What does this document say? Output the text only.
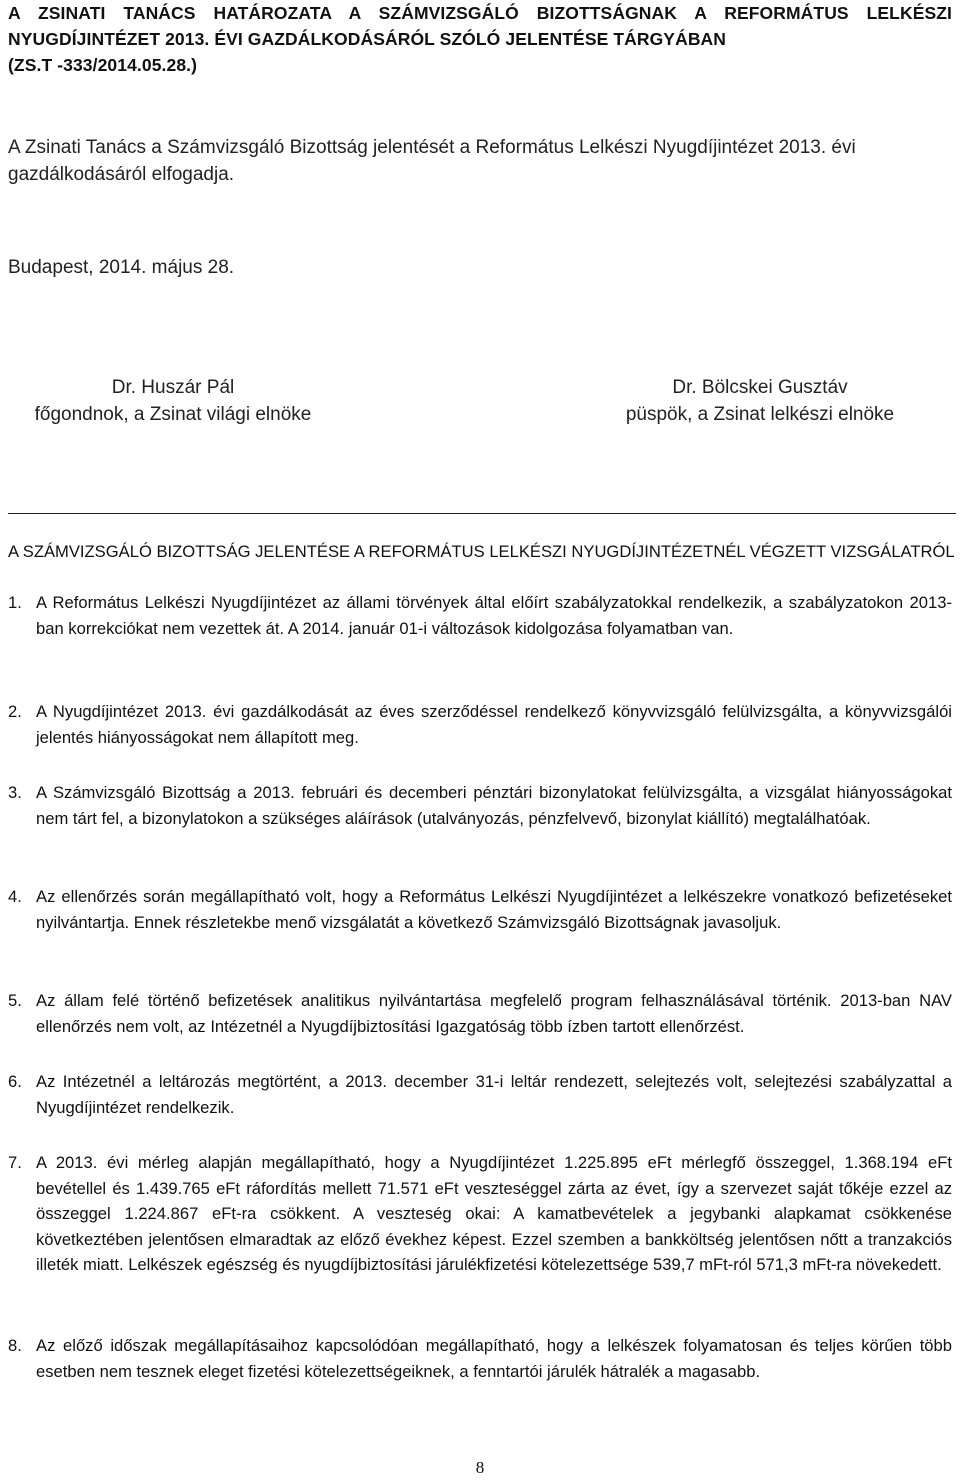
A ZSINATI TANÁCS HATÁROZATA A SZÁMVIZSGÁLÓ BIZOTTSÁGNAK A REFORMÁTUS LELKÉSZI NYUGDÍJINTÉZET 2013. ÉVI GAZDÁLKODÁSÁRÓL SZÓLÓ JELENTÉSE TÁRGYÁBAN
(ZS.T -333/2014.05.28.)
A Zsinati Tanács a Számvizsgáló Bizottság jelentését a Református Lelkészi Nyugdíjintézet 2013. évi gazdálkodásáról elfogadja.
Budapest, 2014. május 28.
Dr. Huszár Pál
főgondnok, a Zsinat világi elnöke
Dr. Bölcskei Gusztáv
püspök, a Zsinat lelkészi elnöke
A SZÁMVIZSGÁLÓ BIZOTTSÁG JELENTÉSE A REFORMÁTUS LELKÉSZI NYUGDÍJINTÉZETNÉL VÉGZETT VIZSGÁLATRÓL
1. A Református Lelkészi Nyugdíjintézet az állami törvények által előírt szabályzatokkal rendelkezik, a szabályzatokon 2013-ban korrekciókat nem vezettek át. A 2014. január 01-i változások kidolgozása folyamatban van.
2. A Nyugdíjintézet 2013. évi gazdálkodását az éves szerződéssel rendelkező könyvvizsgáló felülvizsgálta, a könyvvizsgálói jelentés hiányosságokat nem állapított meg.
3. A Számvizsgáló Bizottság a 2013. februári és decemberi pénztári bizonylatokat felülvizsgálta, a vizsgálat hiányosságokat nem tárt fel, a bizonylatokon a szükséges aláírások (utalványozás, pénzfelvevő, bizonylat kiállító) megtalálhatóak.
4. Az ellenőrzés során megállapítható volt, hogy a Református Lelkészi Nyugdíjintézet a lelkészekre vonatkozó befizetéseket nyilvántartja. Ennek részletekbe menő vizsgálatát a következő Számvizsgáló Bizottságnak javasoljuk.
5. Az állam felé történő befizetések analitikus nyilvántartása megfelelő program felhasználásával történik. 2013-ban NAV ellenőrzés nem volt, az Intézetnél a Nyugdíjbiztosítási Igazgatóság több ízben tartott ellenőrzést.
6. Az Intézetnél a leltározás megtörtént, a 2013. december 31-i leltár rendezett, selejtezés volt, selejtezési szabályzattal a Nyugdíjintézet rendelkezik.
7. A 2013. évi mérleg alapján megállapítható, hogy a Nyugdíjintézet 1.225.895 eFt mérlegfő összeggel, 1.368.194 eFt bevétellel és 1.439.765 eFt ráfordítás mellett 71.571 eFt veszteséggel zárta az évet, így a szervezet saját tőkéje ezzel az összeggel 1.224.867 eFt-ra csökkent. A veszteség okai: A kamatbevételek a jegybanki alapkamat csökkenése következtében jelentősen elmaradtak az előző évekhez képest. Ezzel szemben a bankköltség jelentősen nőtt a tranzakciós illeték miatt. Lelkészek egészség és nyugdíjbiztosítási járulékfizetési kötelezettsége 539,7 mFt-ról 571,3 mFt-ra növekedett.
8. Az előző időszak megállapításaihoz kapcsolódóan megállapítható, hogy a lelkészek folyamatosan és teljes körűen több esetben nem tesznek eleget fizetési kötelezettségeiknek, a fenntartói járulék hátralék a magasabb.
8
